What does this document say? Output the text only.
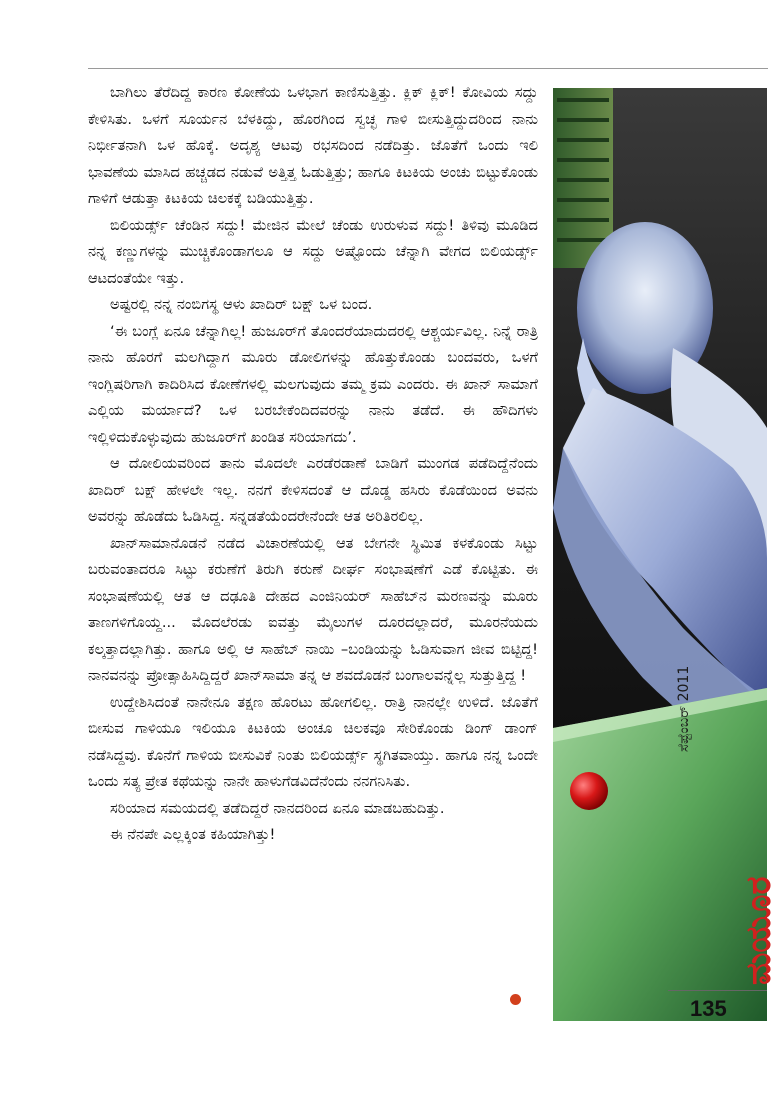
ಬಾಗಿಲು ತೆರೆದಿದ್ದ ಕಾರಣ ಕೋಣೆಯ ಒಳಭಾಗ ಕಾಣಿಸುತ್ತಿತ್ತು. ಕ್ಲಿಕ್ ಕ್ಲಿಕ್! ಕೋವಿಯ ಸದ್ದು ಕೇಳಿಸಿತು. ಒಳಗೆ ಸೂರ್ಯನ ಬೆಳಕಿದ್ದು, ಹೊರಗಿಂದ ಸ್ವಚ್ಛ ಗಾಳಿ ಬೀಸುತ್ತಿದ್ದುದರಿಂದ ನಾನು ನಿರ್ಭೀತನಾಗಿ ಒಳ ಹೊಕ್ಕೆ. ಅದೃಶ್ಯ ಆಟವು ರಭಸದಿಂದ ನಡೆದಿತ್ತು. ಜೊತೆಗೆ ಒಂದು ಇಲಿ ಭಾವಣೆಯ ಮಾಸಿದ ಹಚ್ಚಡದ ನಡುವೆ ಅತ್ತಿತ್ತ ಓಡುತ್ತಿತ್ತು; ಹಾಗೂ ಕಿಟಕಿಯ ಅಂಚು ಬಿಟ್ಟುಕೊಂಡು ಗಾಳಿಗೆ ಆಡುತ್ತಾ ಕಿಟಕಿಯ ಚಿಲಕಕ್ಕೆ ಬಡಿಯುತ್ತಿತ್ತು.

ಬಿಲಿಯರ್ಡ್ಸ್ ಚೆಂಡಿನ ಸದ್ದು! ಮೇಜಿನ ಮೇಲೆ ಚೆಂಡು ಉರುಳುವ ಸದ್ದು! ತಿಳಿವು ಮೂಡಿದ ನನ್ನ ಕಣ್ಣುಗಳನ್ನು ಮುಚ್ಚಿಕೊಂಡಾಗಲೂ ಆ ಸದ್ದು ಅಷ್ಟೊಂದು ಚೆನ್ನಾಗಿ ವೇಗದ ಬಿಲಿಯರ್ಡ್ಸ್ ಆಟದಂತೆಯೇ ಇತ್ತು.

ಅಷ್ಟರಲ್ಲಿ ನನ್ನ ನಂಬಿಗಸ್ಥ ಆಳು ಖಾದಿರ್ ಬಕ್ಷ್ ಒಳ ಬಂದ.

‘ಈ ಬಂಗ್ಲೆ ಏನೂ ಚೆನ್ನಾಗಿಲ್ಲ! ಹುಜೂರ್‌ಗೆ ತೊಂದರೆಯಾದುದರಲ್ಲಿ ಆಶ್ಚರ್ಯವಿಲ್ಲ. ನಿನ್ನೆ ರಾತ್ರಿ ನಾನು ಹೊರಗೆ ಮಲಗಿದ್ದಾಗ ಮೂರು ಡೋಲಿಗಳನ್ನು ಹೊತ್ತುಕೊಂಡು ಬಂದವರು, ಒಳಗೆ ಇಂಗ್ಲಿಷರಿಗಾಗಿ ಕಾದಿರಿಸಿದ ಕೋಣೆಗಳಲ್ಲಿ ಮಲಗುವುದು ತಮ್ಮ ಕ್ರಮ ಎಂದರು. ಈ ಖಾನ್ ಸಾಮಾಗೆ ಎಲ್ಲಿಯ ಮರ್ಯಾದೆ? ಒಳ ಬರಬೇಕೆಂದಿದವರನ್ನು ನಾನು ತಡೆದೆ. ಈ ಹೌದಿಗಳು ಇಲ್ಲಿಳಿದುಕೊಳ್ಳುವುದು ಹುಜೂರ್‌ಗೆ ಖಂಡಿತ ಸರಿಯಾಗದು’.

ಆ ದೋಲಿಯವರಿಂದ ತಾನು ಮೊದಲೇ ಎರಡೆರಡಾಣೆ ಬಾಡಿಗೆ ಮುಂಗಡ ಪಡೆದಿದ್ದೆನೆಂದು ಖಾದಿರ್ ಬಕ್ಷ್ ಹೇಳಲೇ ಇಲ್ಲ. ನನಗೆ ಕೇಳಿಸದಂತೆ ಆ ದೊಡ್ಡ ಹಸಿರು ಕೊಡೆಯಿಂದ ಅವನು ಅವರನ್ನು ಹೊಡೆದು ಓಡಿಸಿದ್ದ. ಸನ್ನಡತೆಯೆಂದರೇನೆಂದೇ ಆತ ಅರಿತಿರಲಿಲ್ಲ.

ಖಾನ್‌ಸಾಮಾನೊಡನೆ ನಡೆದ ವಿಚಾರಣೆಯಲ್ಲಿ ಆತ ಬೇಗನೇ ಸ್ಥಿಮಿತ ಕಳಕೊಂಡು ಸಿಟ್ಟು ಬರುವಂತಾದರೂ ಸಿಟ್ಟು ಕರುಣೆಗೆ ತಿರುಗಿ ಕರುಣೆ ದೀರ್ಘ ಸಂಭಾಷಣೆಗೆ ಎಡೆ ಕೊಟ್ಟಿತು. ಈ ಸಂಭಾಷಣೆಯಲ್ಲಿ ಆತ ಆ ದಢೂತಿ ದೇಹದ ಎಂಜಿನಿಯರ್ ಸಾಹೆಬ್‌ನ ಮರಣವನ್ನು ಮೂರು ತಾಣಗಳಿಗೊಯ್ದ... ಮೊದಲೆರಡು ಐವತ್ತು ಮೈಲುಗಳ ದೂರದಲ್ಲಾದರೆ, ಮೂರನೆಯದು ಕಲ್ಕತ್ತಾದಲ್ಲಾಗಿತ್ತು. ಹಾಗೂ ಅಲ್ಲಿ ಆ ಸಾಹೆಬ್ ನಾಯಿ –ಬಂಡಿಯನ್ನು ಓಡಿಸುವಾಗ ಜೀವ ಬಿಟ್ಟಿದ್ದ! ನಾನವನನ್ನು ಪ್ರೋತ್ಸಾಹಿಸಿದ್ದಿದ್ದರೆ ಖಾನ್‌ಸಾಮಾ ತನ್ನ ಆ ಶವದೊಡನೆ ಬಂಗಾಲವನ್ನೆಲ್ಲ ಸುತ್ತುತ್ತಿದ್ದ !

ಉದ್ದೇಶಿಸಿದಂತೆ ನಾನೇನೂ ತಕ್ಷಣ ಹೊರಟು ಹೋಗಲಿಲ್ಲ. ರಾತ್ರಿ ನಾನಲ್ಲೇ ಉಳಿದೆ. ಜೊತೆಗೆ ಬೀಸುವ ಗಾಳಿಯೂ ಇಲಿಯೂ ಕಿಟಕಿಯ ಅಂಚೂ ಚಿಲಕವೂ ಸೇರಿಕೊಂಡು ಡಿಂಗ್ ಡಾಂಗ್ ನಡೆಸಿದ್ದವು. ಕೊನೆಗೆ ಗಾಳಿಯ ಬೀಸುವಿಕೆ ನಿಂತು ಬಿಲಿಯರ್ಡ್ಸ್ ಸ್ಥಗಿತವಾಯ್ತು. ಹಾಗೂ ನನ್ನ ಒಂದೇ ಒಂದು ಸತ್ಯ ಪ್ರೇತ ಕಥೆಯನ್ನು ನಾನೇ ಹಾಳುಗೆಡವಿದೆನೆಂದು ನನಗನಿಸಿತು.

ಸರಿಯಾದ ಸಮಯದಲ್ಲಿ ತಡೆದಿದ್ದರೆ ನಾನದರಿಂದ ಏನೂ ಮಾಡಬಹುದಿತ್ತು.

ಈ ನೆನಪೇ ಎಲ್ಲಕ್ಕಿಂತ ಕಹಿಯಾಗಿತ್ತು!

ಸೆಪ್ಟೆಂಬರ್ 2011
ಮಯೂರ
135
